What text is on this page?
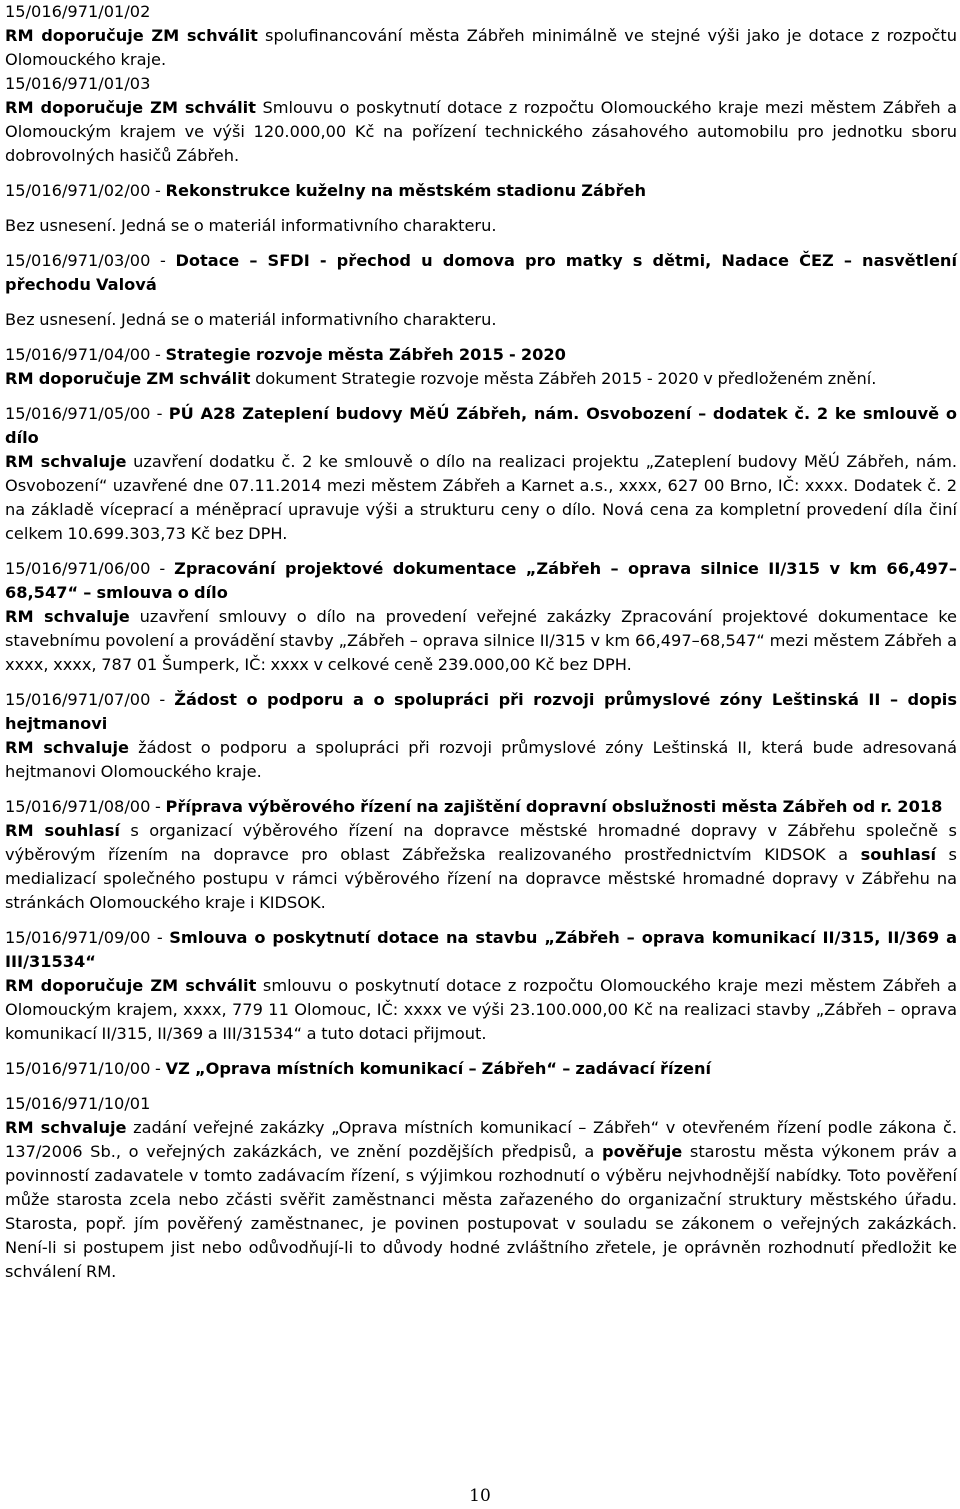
15/016/971/01/02

RM doporučuje ZM schválit spolufinancování města Zábřeh minimálně ve stejné výši jako je dotace z rozpočtu Olomouckého kraje.

15/016/971/01/03

RM doporučuje ZM schválit Smlouvu o poskytnutí dotace z rozpočtu Olomouckého kraje mezi městem Zábřeh a Olomouckým krajem ve výši 120.000,00 Kč na pořízení technického zásahového automobilu pro jednotku sboru dobrovolných hasičů Zábřeh.

15/016/971/02/00 - Rekonstrukce kuželny na městském stadionu Zábřeh

Bez usnesení. Jedná se o materiál informativního charakteru.

15/016/971/03/00 - Dotace – SFDI - přechod u domova pro matky s dětmi, Nadace ČEZ – nasvětlení přechodu Valová

Bez usnesení. Jedná se o materiál informativního charakteru.

15/016/971/04/00 - Strategie rozvoje města Zábřeh 2015 - 2020

RM doporučuje ZM schválit dokument Strategie rozvoje města Zábřeh 2015 - 2020 v předloženém znění.

15/016/971/05/00 - PÚ A28 Zateplení budovy MěÚ Zábřeh, nám. Osvobození – dodatek č. 2 ke smlouvě o dílo

RM schvaluje uzavření dodatku č. 2 ke smlouvě o dílo na realizaci projektu „Zateplení budovy MěÚ Zábřeh, nám. Osvobození“ uzavřené dne 07.11.2014 mezi městem Zábřeh a Karnet a.s., xxxx, 627 00 Brno, IČ: xxxx. Dodatek č. 2 na základě víceprací a méněprací upravuje výši a strukturu ceny o dílo. Nová cena za kompletní provedení díla činí celkem 10.699.303,73 Kč bez DPH.

15/016/971/06/00 - Zpracování projektové dokumentace „Zábřeh – oprava silnice II/315 v km 66,497–68,547“ – smlouva o dílo

RM schvaluje uzavření smlouvy o dílo na provedení veřejné zakázky Zpracování projektové dokumentace ke stavebnímu povolení a provádění stavby „Zábřeh – oprava silnice II/315 v km 66,497–68,547“ mezi městem Zábřeh a xxxx, xxxx, 787 01 Šumperk, IČ: xxxx v celkové ceně 239.000,00 Kč bez DPH.

15/016/971/07/00 - Žádost o podporu a o spolupráci při rozvoji průmyslové zóny Leštinská II – dopis hejtmanovi

RM schvaluje žádost o podporu a spolupráci při rozvoji průmyslové zóny Leštinská II, která bude adresovaná hejtmanovi Olomouckého kraje.

15/016/971/08/00 - Příprava výběrového řízení na zajištění dopravní obslužnosti města Zábřeh od r. 2018

RM souhlasí s organizací výběrového řízení na dopravce městské hromadné dopravy v Zábřehu společně s výběrovým řízením na dopravce pro oblast Zábřežska realizovaného prostřednictvím KIDSOK a souhlasí s medializací společného postupu v rámci výběrového řízení na dopravce městské hromadné dopravy v Zábřehu na stránkách Olomouckého kraje i KIDSOK.

15/016/971/09/00 - Smlouva o poskytnutí dotace na stavbu „Zábřeh – oprava komunikací II/315, II/369 a III/31534“

RM doporučuje ZM schválit smlouvu o poskytnutí dotace z rozpočtu Olomouckého kraje mezi městem Zábřeh a Olomouckým krajem, xxxx, 779 11 Olomouc, IČ: xxxx ve výši 23.100.000,00 Kč na realizaci stavby „Zábřeh – oprava komunikací II/315, II/369 a III/31534“ a tuto dotaci přijmout.

15/016/971/10/00 - VZ „Oprava místních komunikací – Zábřeh“ – zadávací řízení

15/016/971/10/01

RM schvaluje zadání veřejné zakázky „Oprava místních komunikací – Zábřeh“ v otevřeném řízení podle zákona č. 137/2006 Sb., o veřejných zakázkách, ve znění pozdějších předpisů, a pověřuje starostu města výkonem práv a povinností zadavatele v tomto zadávacím řízení, s výjimkou rozhodnutí o výběru nejvhodnější nabídky. Toto pověření může starosta zcela nebo zčásti svěřit zaměstnanci města zařazeného do organizační struktury městského úřadu. Starosta, popř. jím pověřený zaměstnanec, je povinen postupovat v souladu se zákonem o veřejných zakázkách. Není-li si postupem jist nebo odůvodňují-li to důvody hodné zvláštního zřetele, je oprávněn rozhodnutí předložit ke schválení RM.

10
